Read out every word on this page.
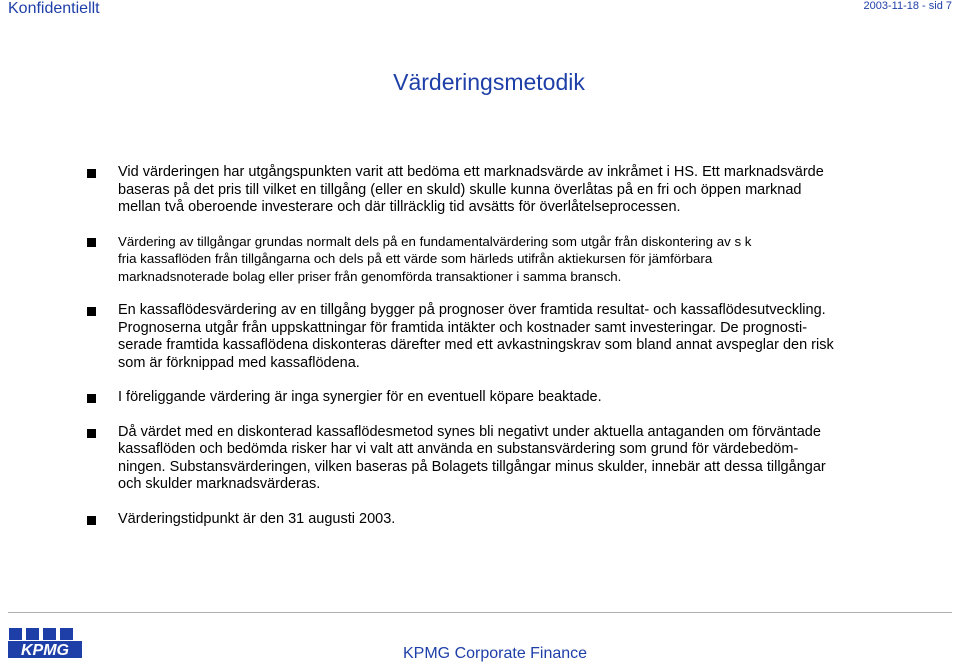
Konfidentiellt	2003-11-18 - sid 7
Värderingsmetodik
Vid värderingen har utgångspunkten varit att bedöma ett marknadsvärde av inkråmet i HS. Ett marknadsvärde
baseras på det pris till vilket en tillgång (eller en skuld) skulle kunna överlåtas på en fri och öppen marknad
mellan två oberoende investerare och där tillräcklig tid avsätts för överlåtelseprocessen.
Värdering av tillgångar grundas normalt dels på en fundamentalvärdering som utgår från diskontering av s k
fria kassaflöden från tillgångarna och dels på ett värde som härleds utifrån aktiekursen för jämförbara
marknadsnoterade bolag eller priser från genomförda transaktioner i samma bransch.
En kassaflödesvärdering av en tillgång bygger på prognoser över framtida resultat- och kassaflödesutveckling.
Prognoserna utgår från uppskattningar för framtida intäkter och kostnader samt investeringar. De prognosti-
serade framtida kassaflödena diskonteras därefter med ett avkastningskrav som bland annat avspeglar den risk
som är förknippad med kassaflödena.
I föreliggande värdering är inga synergier för en eventuell köpare beaktade.
Då värdet med en diskonterad kassaflödesmetod synes bli negativt under aktuella antaganden om förväntade
kassaflöden och bedömda risker har vi valt att använda en substansvärdering som grund för värdebedöm-
ningen. Substansvärderingen, vilken baseras på Bolagets tillgångar minus skulder, innebär att dessa tillgångar
och skulder marknadsvärderas.
Värderingstidpunkt är den 31 augusti 2003.
KPMG	KPMG Corporate Finance
